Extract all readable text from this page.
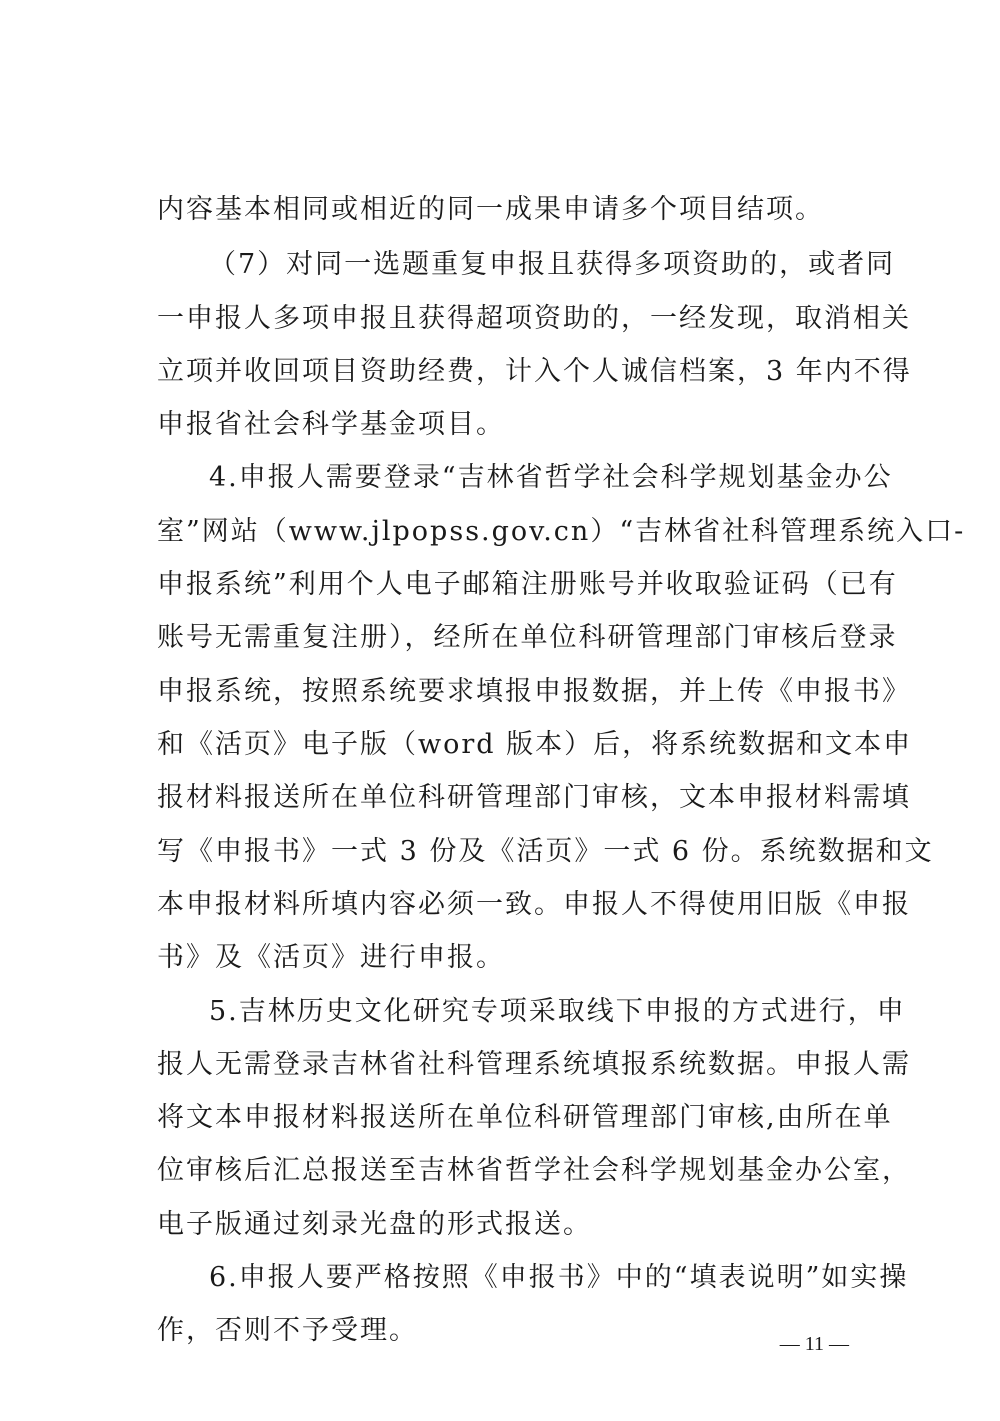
内容基本相同或相近的同一成果申请多个项目结项。
（7）对同一选题重复申报且获得多项资助的，或者同
一申报人多项申报且获得超项资助的，一经发现，取消相关
立项并收回项目资助经费，计入个人诚信档案，3 年内不得
申报省社会科学基金项目。
4.申报人需要登录“吉林省哲学社会科学规划基金办公
室”网站（www.jlpopss.gov.cn）“吉林省社科管理系统入口-
申报系统”利用个人电子邮箱注册账号并收取验证码（已有
账号无需重复注册），经所在单位科研管理部门审核后登录
申报系统，按照系统要求填报申报数据，并上传《申报书》
和《活页》电子版（word 版本）后，将系统数据和文本申
报材料报送所在单位科研管理部门审核，文本申报材料需填
写《申报书》一式 3 份及《活页》一式 6 份。系统数据和文
本申报材料所填内容必须一致。申报人不得使用旧版《申报
书》及《活页》进行申报。
5.吉林历史文化研究专项采取线下申报的方式进行，申
报人无需登录吉林省社科管理系统填报系统数据。申报人需
将文本申报材料报送所在单位科研管理部门审核,由所在单
位审核后汇总报送至吉林省哲学社会科学规划基金办公室，
电子版通过刻录光盘的形式报送。
6.申报人要严格按照《申报书》中的“填表说明”如实操
作，否则不予受理。	— 11 —
